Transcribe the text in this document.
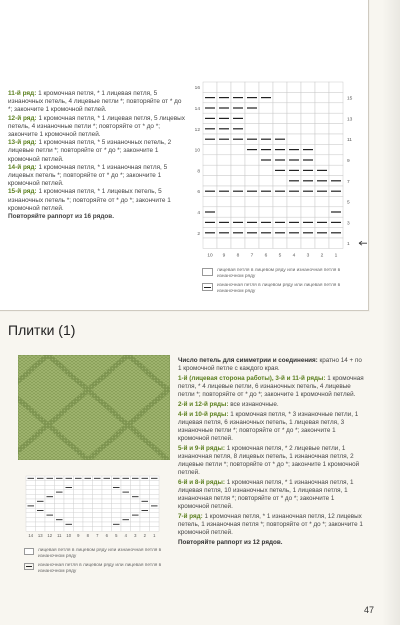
10 9 8 7 6 5 4 3 2 1
15
13
11
9
7
5
3
1
16
14
12
10
8
6
4
2

11-й ряд: 1 кромочная петля, * 1 лицевая петля, 5 изнаночных петель, 4 лицевые петли *; повторяйте от * до *; закончите 1 кромочной петлей.

12-й ряд: 1 кромочная петля, * 1 лицевая петля, 5 лицевых петель, 4 изнаночные петли *; повторяйте от * до *; закончите 1 кромочной петлей.

13-й ряд: 1 кромочная петля, * 5 изнаночных петель, 2 лицевые петли *; повторяйте от * до *; закончите 1 кромочной петлей.

14-й ряд: 1 кромочная петля, * 1 изнаночная петля, 5 лицевых петель *; повторяйте от * до *; закончите 1 кромочной петлей.

15-й ряд: 1 кромочная петля, * 1 лицевых петель, 5 изнаночных петель *; повторяйте от * до *; закончите 1 кромочной петлей.

Повторяйте раппорт из 16 рядов.

лицевая петля в лицевом ряду или изнаночная петля в изнаночном ряду
изнаночная петля в лицевом ряду или лицевая петля в изнаночном ряду
Плитки (1)

Число петель для симметрии и соединения: кратно 14 + по 1 кромочной петле с каждого края.

1-й (лицевая сторона работы), 3-й и 11-й ряды: 1 кромочная петля, * 4 лицевые петли, 6 изнаночных петель, 4 лицевые петли *; повторяйте от * до *; закончите 1 кромочной петлей.

2-й и 12-й ряды: все изнаночные.

4-й и 10-й ряды: 1 кромочная петля, * 3 изнаночные петли, 1 лицевая петля, 6 изнаночных петель, 1 лицевая петля, 3 изнаночные петли *; повторяйте от * до *; закончите 1 кромочной петлей.

5-й и 9-й ряды: 1 кромочная петля, * 2 лицевые петли, 1 изнаночная петля, 8 лицевых петель, 1 изнаночная петля, 2 лицевые петли *; повторяйте от * до *; закончите 1 кромочной петлей.

6-й и 8-й ряды: 1 кромочная петля, * 1 изнаночная петля, 1 лицевая петля, 10 изнаночных петель, 1 лицевая петля, 1 изнаночная петля *; повторяйте от * до *; закончите 1 кромочной петлей.

7-й ряд: 1 кромочная петля, * 1 изнаночная петля, 12 лицевых петель, 1 изнаночная петля *; повторяйте от * до *; закончите 1 кромочной петлей.

Повторяйте раппорт из 12 рядов.

14 13 12 11 10 9 8 7 6 5 4 3 2 1
лицевая петля в лицевом ряду или изнаночная петля в изнаночном ряду
изнаночная петля в лицевом ряду или лицевая петля в изнаночном ряду
47
